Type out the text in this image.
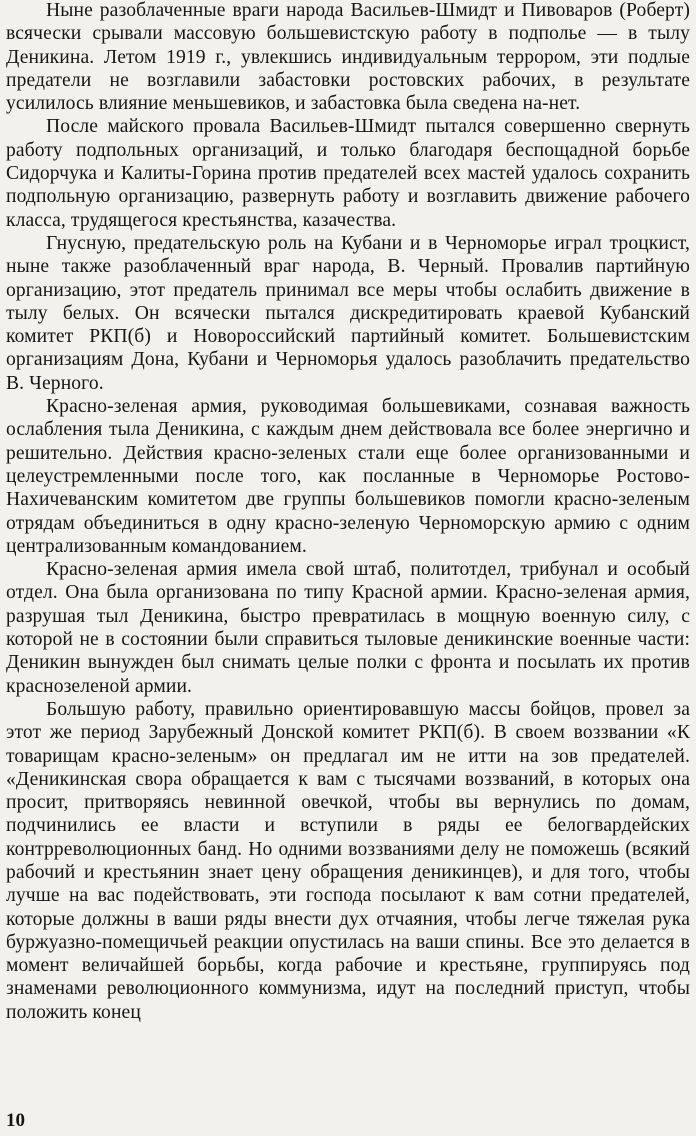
Ныне разоблаченные враги народа Васильев-Шмидт и Пивоваров (Роберт) всячески срывали массовую большевистскую работу в подполье — в тылу Деникина. Летом 1919 г., увлекшись индивидуальным террором, эти подлые предатели не возглавили забастовки ростовских рабочих, в результате усилилось влияние меньшевиков, и забастовка была сведена на-нет.

После майского провала Васильев-Шмидт пытался совершенно свернуть работу подпольных организаций, и только благодаря беспощадной борьбе Сидорчука и Калиты-Горина против предателей всех мастей удалось сохранить подпольную организацию, развернуть работу и возглавить движение рабочего класса, трудящегося крестьянства, казачества.

Гнусную, предательскую роль на Кубани и в Черноморье играл троцкист, ныне также разоблаченный враг народа, В. Черный. Провалив партийную организацию, этот предатель принимал все меры чтобы ослабить движение в тылу белых. Он всячески пытался дискредитировать краевой Кубанский комитет РКП(б) и Новороссийский партийный комитет. Большевистским организациям Дона, Кубани и Черноморья удалось разоблачить предательство В. Черного.

Красно-зеленая армия, руководимая большевиками, сознавая важность ослабления тыла Деникина, с каждым днем действовала все более энергично и решительно. Действия красно-зеленых стали еще более организованными и целеустремленными после того, как посланные в Черноморье Ростово-Нахичеванским комитетом две группы большевиков помогли красно-зеленым отрядам объединиться в одну красно-зеленую Черноморскую армию с одним централизованным командованием.

Красно-зеленая армия имела свой штаб, политотдел, трибунал и особый отдел. Она была организована по типу Красной армии. Красно-зеленая армия, разрушая тыл Деникина, быстро превратилась в мощную военную силу, с которой не в состоянии были справиться тыловые деникинские военные части: Деникин вынужден был снимать целые полки с фронта и посылать их против краснозеленой армии.

Большую работу, правильно ориентировавшую массы бойцов, провел за этот же период Зарубежный Донской комитет РКП(б). В своем воззвании «К товарищам красно-зеленым» он предлагал им не итти на зов предателей. «Деникинская свора обращается к вам с тысячами воззваний, в которых она просит, притворяясь невинной овечкой, чтобы вы вернулись по домам, подчинились ее власти и вступили в ряды ее белогвардейских контрреволюционных банд. Но одними воззваниями делу не поможешь (всякий рабочий и крестьянин знает цену обращения деникинцев), и для того, чтобы лучше на вас подействовать, эти господа посылают к вам сотни предателей, которые должны в ваши ряды внести дух отчаяния, чтобы легче тяжелая рука буржуазно-помещичьей реакции опустилась на ваши спины. Все это делается в момент величайшей борьбы, когда рабочие и крестьяне, группируясь под знаменами революционного коммунизма, идут на последний приступ, чтобы положить конец

10
